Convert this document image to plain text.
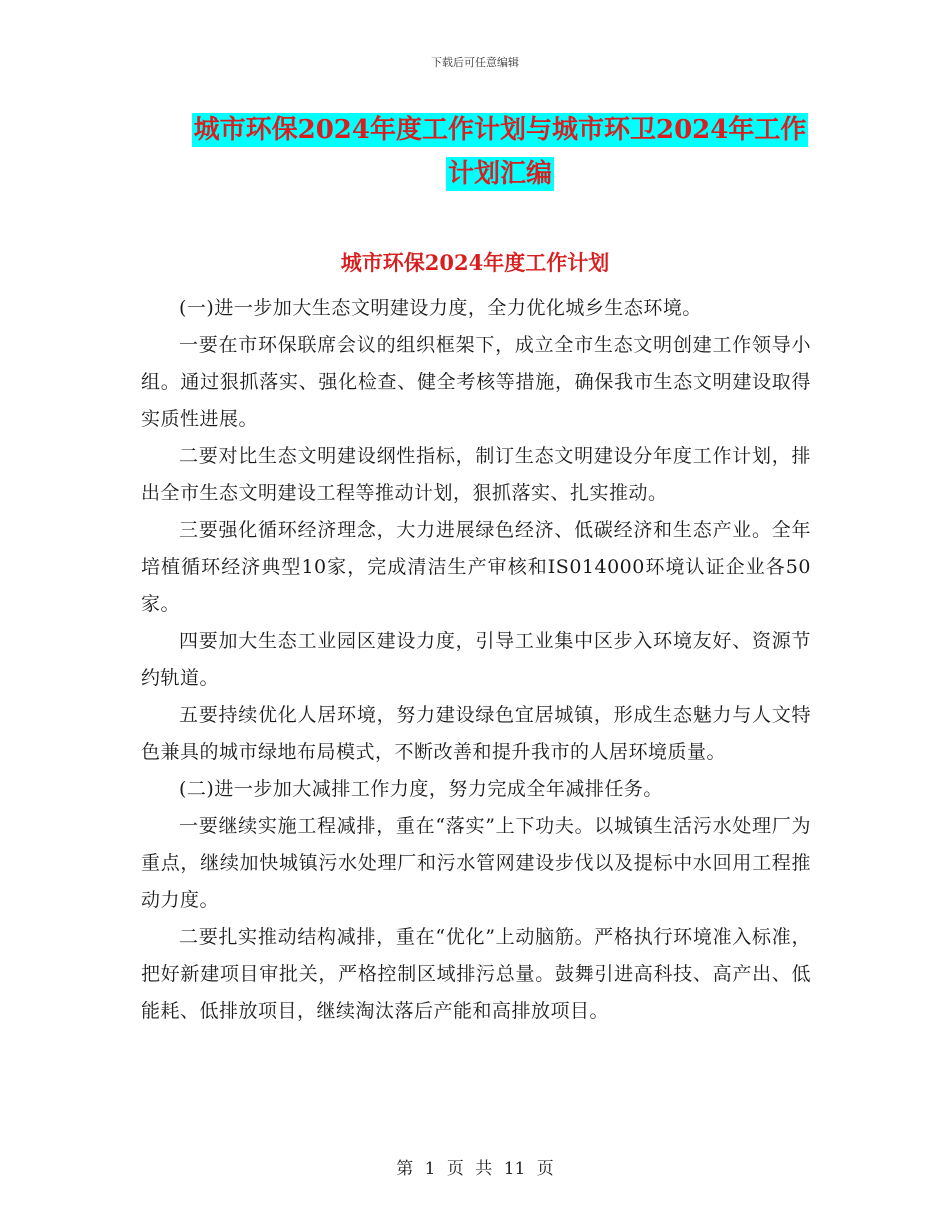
下载后可任意编辑
城市环保2024年度工作计划与城市环卫2024年工作
计划汇编
城市环保2024年度工作计划

(一)进一步加大生态文明建设力度，全力优化城乡生态环境。

一要在市环保联席会议的组织框架下，成立全市生态文明创建工作领导小组。通过狠抓落实、强化检查、健全考核等措施，确保我市生态文明建设取得实质性进展。

二要对比生态文明建设纲性指标，制订生态文明建设分年度工作计划，排出全市生态文明建设工程等推动计划，狠抓落实、扎实推动。

三要强化循环经济理念，大力进展绿色经济、低碳经济和生态产业。全年培植循环经济典型10家，完成清洁生产审核和IS014000环境认证企业各50家。

四要加大生态工业园区建设力度，引导工业集中区步入环境友好、资源节约轨道。

五要持续优化人居环境，努力建设绿色宜居城镇，形成生态魅力与人文特色兼具的城市绿地布局模式，不断改善和提升我市的人居环境质量。

(二)进一步加大减排工作力度，努力完成全年减排任务。

一要继续实施工程减排，重在“落实”上下功夫。以城镇生活污水处理厂为重点，继续加快城镇污水处理厂和污水管网建设步伐以及提标中水回用工程推动力度。

二要扎实推动结构减排，重在“优化”上动脑筋。严格执行环境准入标准，把好新建项目审批关，严格控制区域排污总量。鼓舞引进高科技、高产出、低能耗、低排放项目，继续淘汰落后产能和高排放项目。

第 1 页 共 11 页
